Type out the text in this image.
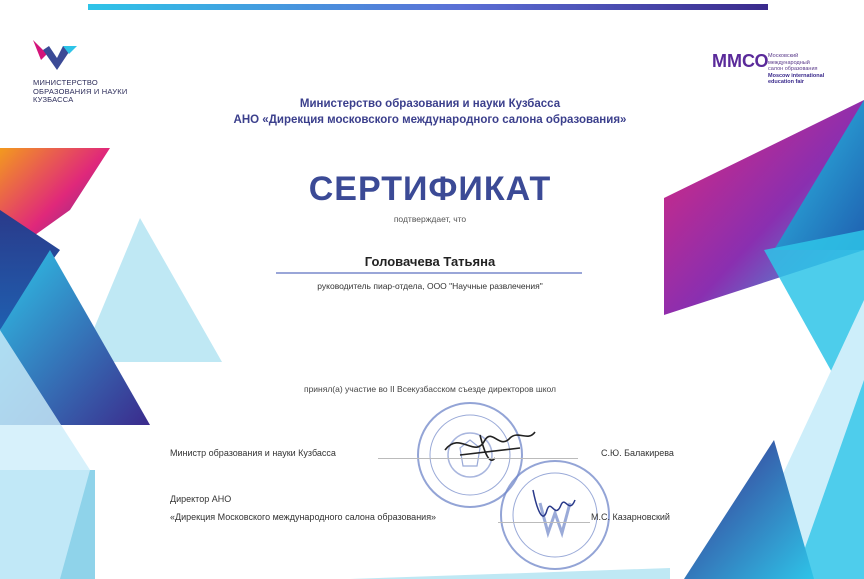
МИНИСТЕРСТВО
ОБРАЗОВАНИЯ И НАУКИ
КУЗБАССА
ММСО Московский
международный
салон образования
Moscow international
education fair
Министерство образования и науки Кузбасса
АНО «Дирекция московского международного салона образования»
СЕРТИФИКАТ
подтверждает, что
Головачева Татьяна
руководитель пиар-отдела, ООО "Научные развлечения"
принял(а) участие во II Всекузбасском съезде директоров школ
Министр образования и науки Кузбасса	С.Ю. Балакирева
Директор АНО
«Дирекция Московского международного салона образования»	М.С. Казарновский
